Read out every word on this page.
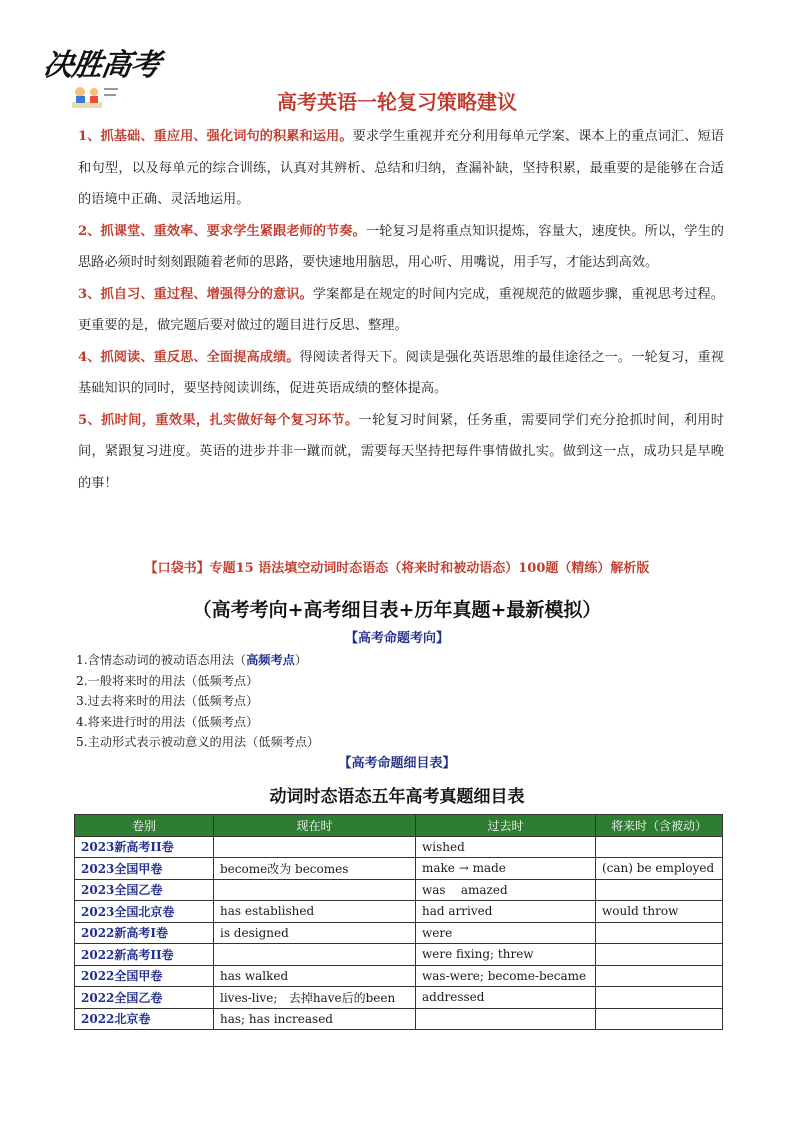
决胜高考
高考英语一轮复习策略建议

1、抓基础、重应用、强化词句的积累和运用。要求学生重视并充分利用每单元学案、课本上的重点词汇、短语和句型，以及每单元的综合训练，认真对其辨析、总结和归纳，查漏补缺，坚持积累，最重要的是能够在合适的语境中正确、灵活地运用。

2、抓课堂、重效率、要求学生紧跟老师的节奏。一轮复习是将重点知识提炼，容量大，速度快。所以，学生的思路必须时时刻刻跟随着老师的思路，要快速地用脑思，用心听、用嘴说，用手写，才能达到高效。

3、抓自习、重过程、增强得分的意识。学案都是在规定的时间内完成，重视规范的做题步骤，重视思考过程。更重要的是，做完题后要对做过的题目进行反思、整理。

4、抓阅读、重反思、全面提高成绩。得阅读者得天下。阅读是强化英语思维的最佳途径之一。一轮复习，重视基础知识的同时，要坚持阅读训练，促进英语成绩的整体提高。

5、抓时间，重效果，扎实做好每个复习环节。一轮复习时间紧，任务重，需要同学们充分抢抓时间，利用时间，紧跟复习进度。英语的进步并非一蹴而就，需要每天坚持把每件事情做扎实。做到这一点，成功只是早晚的事！

【口袋书】专题15 语法填空动词时态语态（将来时和被动语态）100题（精练）解析版
（高考考向+高考细目表+历年真题+最新模拟）
【高考命题考向】

1.含情态动词的被动语态用法（高频考点）

2.一般将来时的用法（低频考点）

3.过去将来时的用法（低频考点）

4.将来进行时的用法（低频考点）

5.主动形式表示被动意义的用法（低频考点）

【高考命题细目表】
动词时态语态五年高考真题细目表
卷别	现在时	过去时	将来时（含被动）
2023新高考II卷		wished	
2023全国甲卷	become改为 becomes	make → made	(can) be employed
2023全国乙卷		was    amazed	
2023全国北京卷	has established	had arrived	would throw
2022新高考I卷	is designed	were	
2022新高考II卷		were fixing; threw	
2022全国甲卷	has walked	was-were; become-became	
2022全国乙卷	lives-live;   去掉have后的been	addressed	
2022北京卷	has; has increased		
